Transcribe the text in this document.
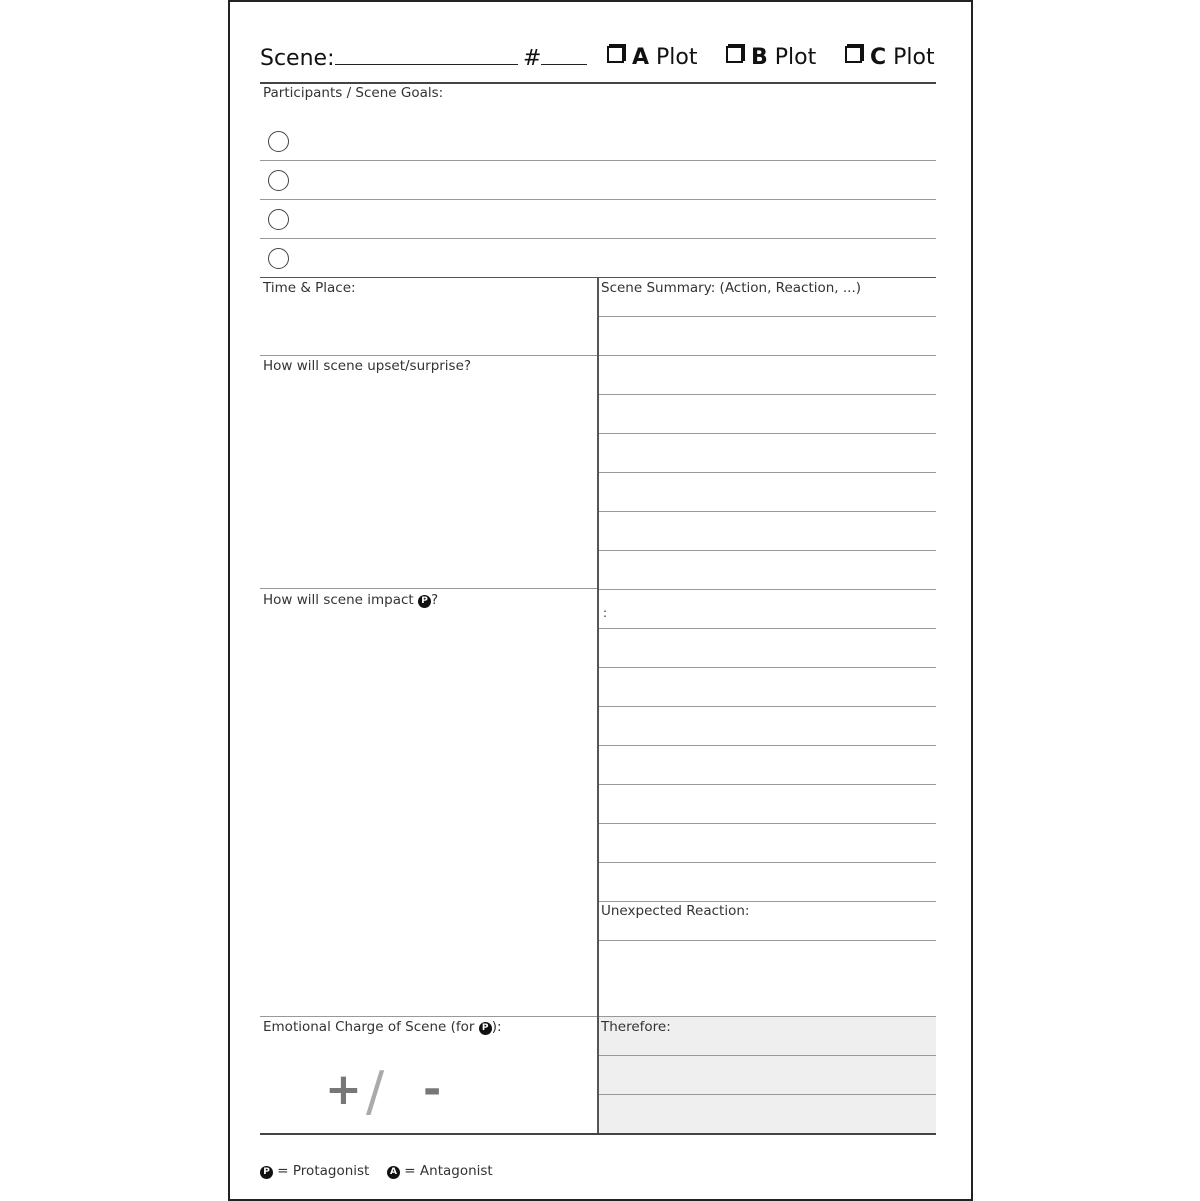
Scene:	#	A Plot	B Plot	C Plot
Participants / Scene Goals:
Time & Place:
How will scene upset/surprise?
How will scene impact P ?
Emotional Charge of Scene (for P ):
+ / -
Scene Summary: (Action, Reaction, ...)
:
Unexpected Reaction:
Therefore:
P = Protagonist	A = Antagonist
